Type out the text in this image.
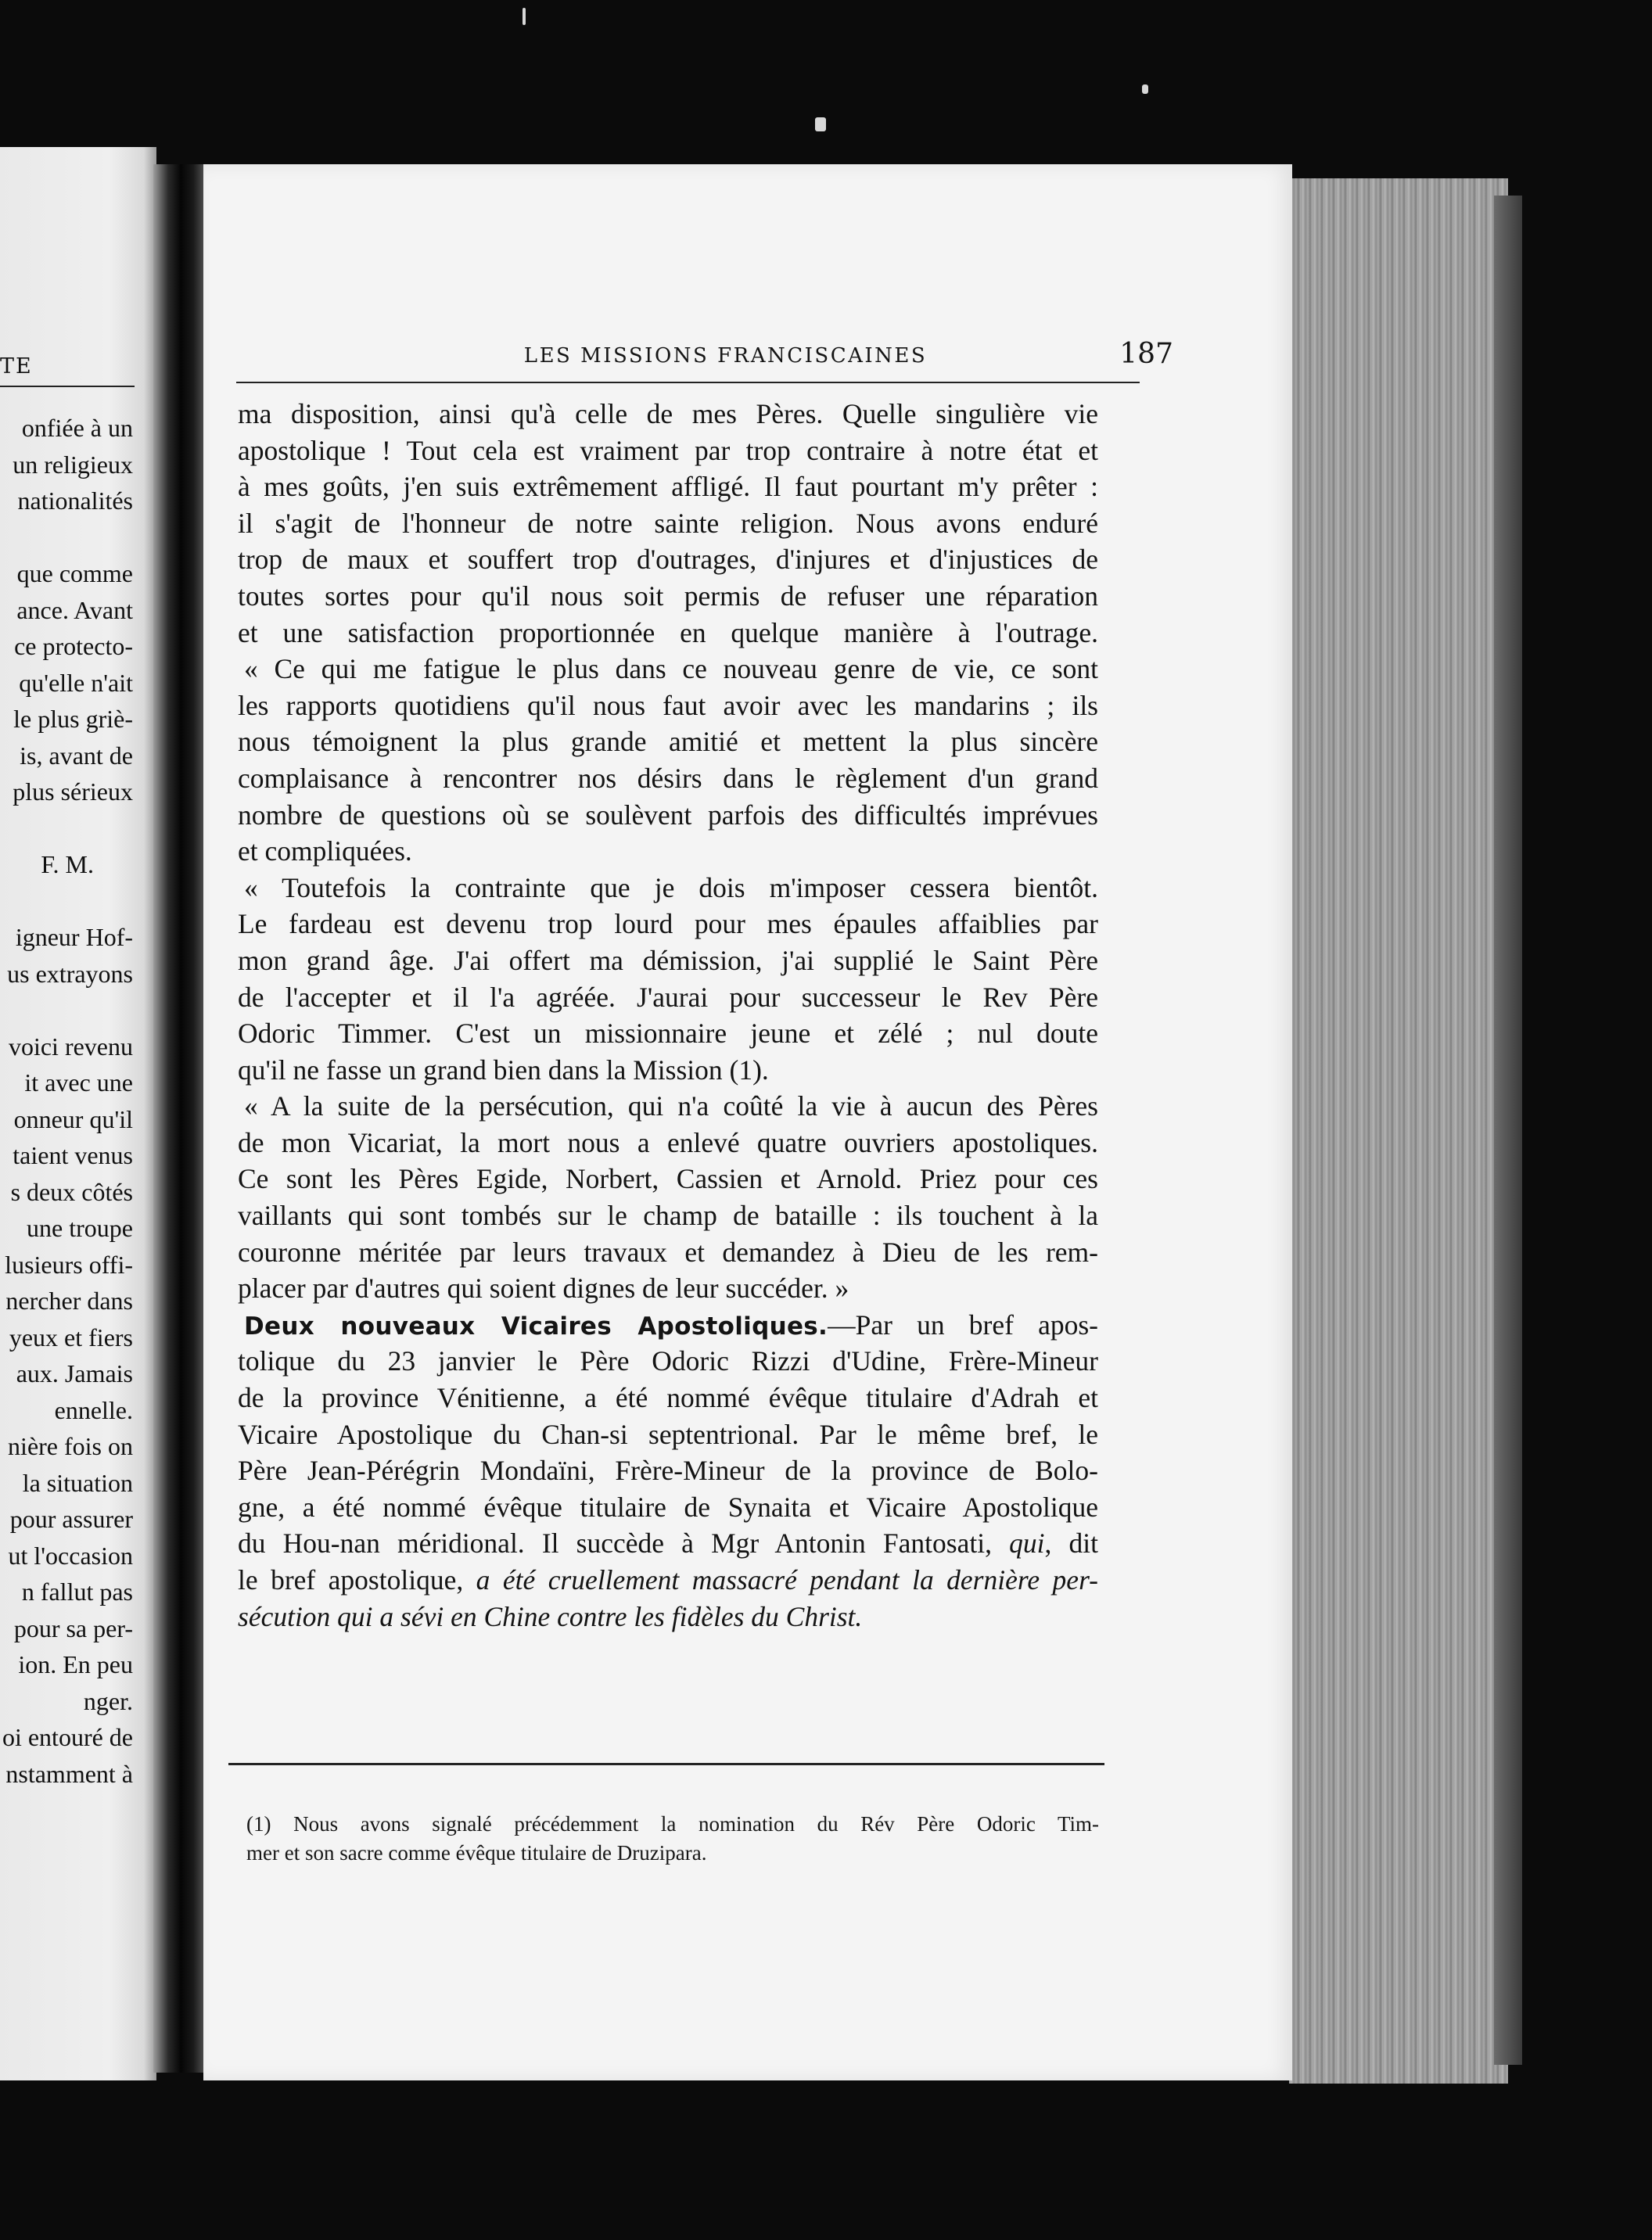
TE
onfiée à un
un religieux
nationalités
que comme
ance. Avant
ce protecto-
qu'elle n'ait
le plus griè-
is, avant de
plus sérieux
F. M.
igneur Hof-
us extrayons
voici revenu
it avec une
onneur qu'il
taient venus
s deux côtés
une troupe
lusieurs offi-
nercher dans
yeux et fiers
aux. Jamais
ennelle.
nière fois on
la situation
pour assurer
ut l'occasion
n fallut pas
pour sa per-
ion. En peu
nger.
oi entouré de
nstamment à
LES MISSIONS FRANCISCAINES	187
ma disposition, ainsi qu'à celle de mes Pères. Quelle singulière vie
apostolique ! Tout cela est vraiment par trop contraire à notre état et
à mes goûts, j'en suis extrêmement affligé. Il faut pourtant m'y prêter :
il s'agit de l'honneur de notre sainte religion. Nous avons enduré
trop de maux et souffert trop d'outrages, d'injures et d'injustices de
toutes sortes pour qu'il nous soit permis de refuser une réparation
et une satisfaction proportionnée en quelque manière à l'outrage.
« Ce qui me fatigue le plus dans ce nouveau genre de vie, ce sont
les rapports quotidiens qu'il nous faut avoir avec les mandarins ; ils
nous témoignent la plus grande amitié et mettent la plus sincère
complaisance à rencontrer nos désirs dans le règlement d'un grand
nombre de questions où se soulèvent parfois des difficultés imprévues
et compliquées.
« Toutefois la contrainte que je dois m'imposer cessera bientôt.
Le fardeau est devenu trop lourd pour mes épaules affaiblies par
mon grand âge. J'ai offert ma démission, j'ai supplié le Saint Père
de l'accepter et il l'a agréée. J'aurai pour successeur le Rev Père
Odoric Timmer. C'est un missionnaire jeune et zélé ; nul doute
qu'il ne fasse un grand bien dans la Mission (1).
« A la suite de la persécution, qui n'a coûté la vie à aucun des Pères
de mon Vicariat, la mort nous a enlevé quatre ouvriers apostoliques.
Ce sont les Pères Egide, Norbert, Cassien et Arnold. Priez pour ces
vaillants qui sont tombés sur le champ de bataille : ils touchent à la
couronne méritée par leurs travaux et demandez à Dieu de les rem-
placer par d'autres qui soient dignes de leur succéder. »
Deux nouveaux Vicaires Apostoliques.—Par un bref apos-
tolique du 23 janvier le Père Odoric Rizzi d'Udine, Frère-Mineur
de la province Vénitienne, a été nommé évêque titulaire d'Adrah et
Vicaire Apostolique du Chan-si septentrional. Par le même bref, le
Père Jean-Pérégrin Mondaïni, Frère-Mineur de la province de Bolo-
gne, a été nommé évêque titulaire de Synaita et Vicaire Apostolique
du Hou-nan méridional. Il succède à Mgr Antonin Fantosati, qui, dit
le bref apostolique, a été cruellement massacré pendant la dernière per-
sécution qui a sévi en Chine contre les fidèles du Christ.
(1) Nous avons signalé précédemment la nomination du Rév Père Odoric Tim-
mer et son sacre comme évêque titulaire de Druzipara.
